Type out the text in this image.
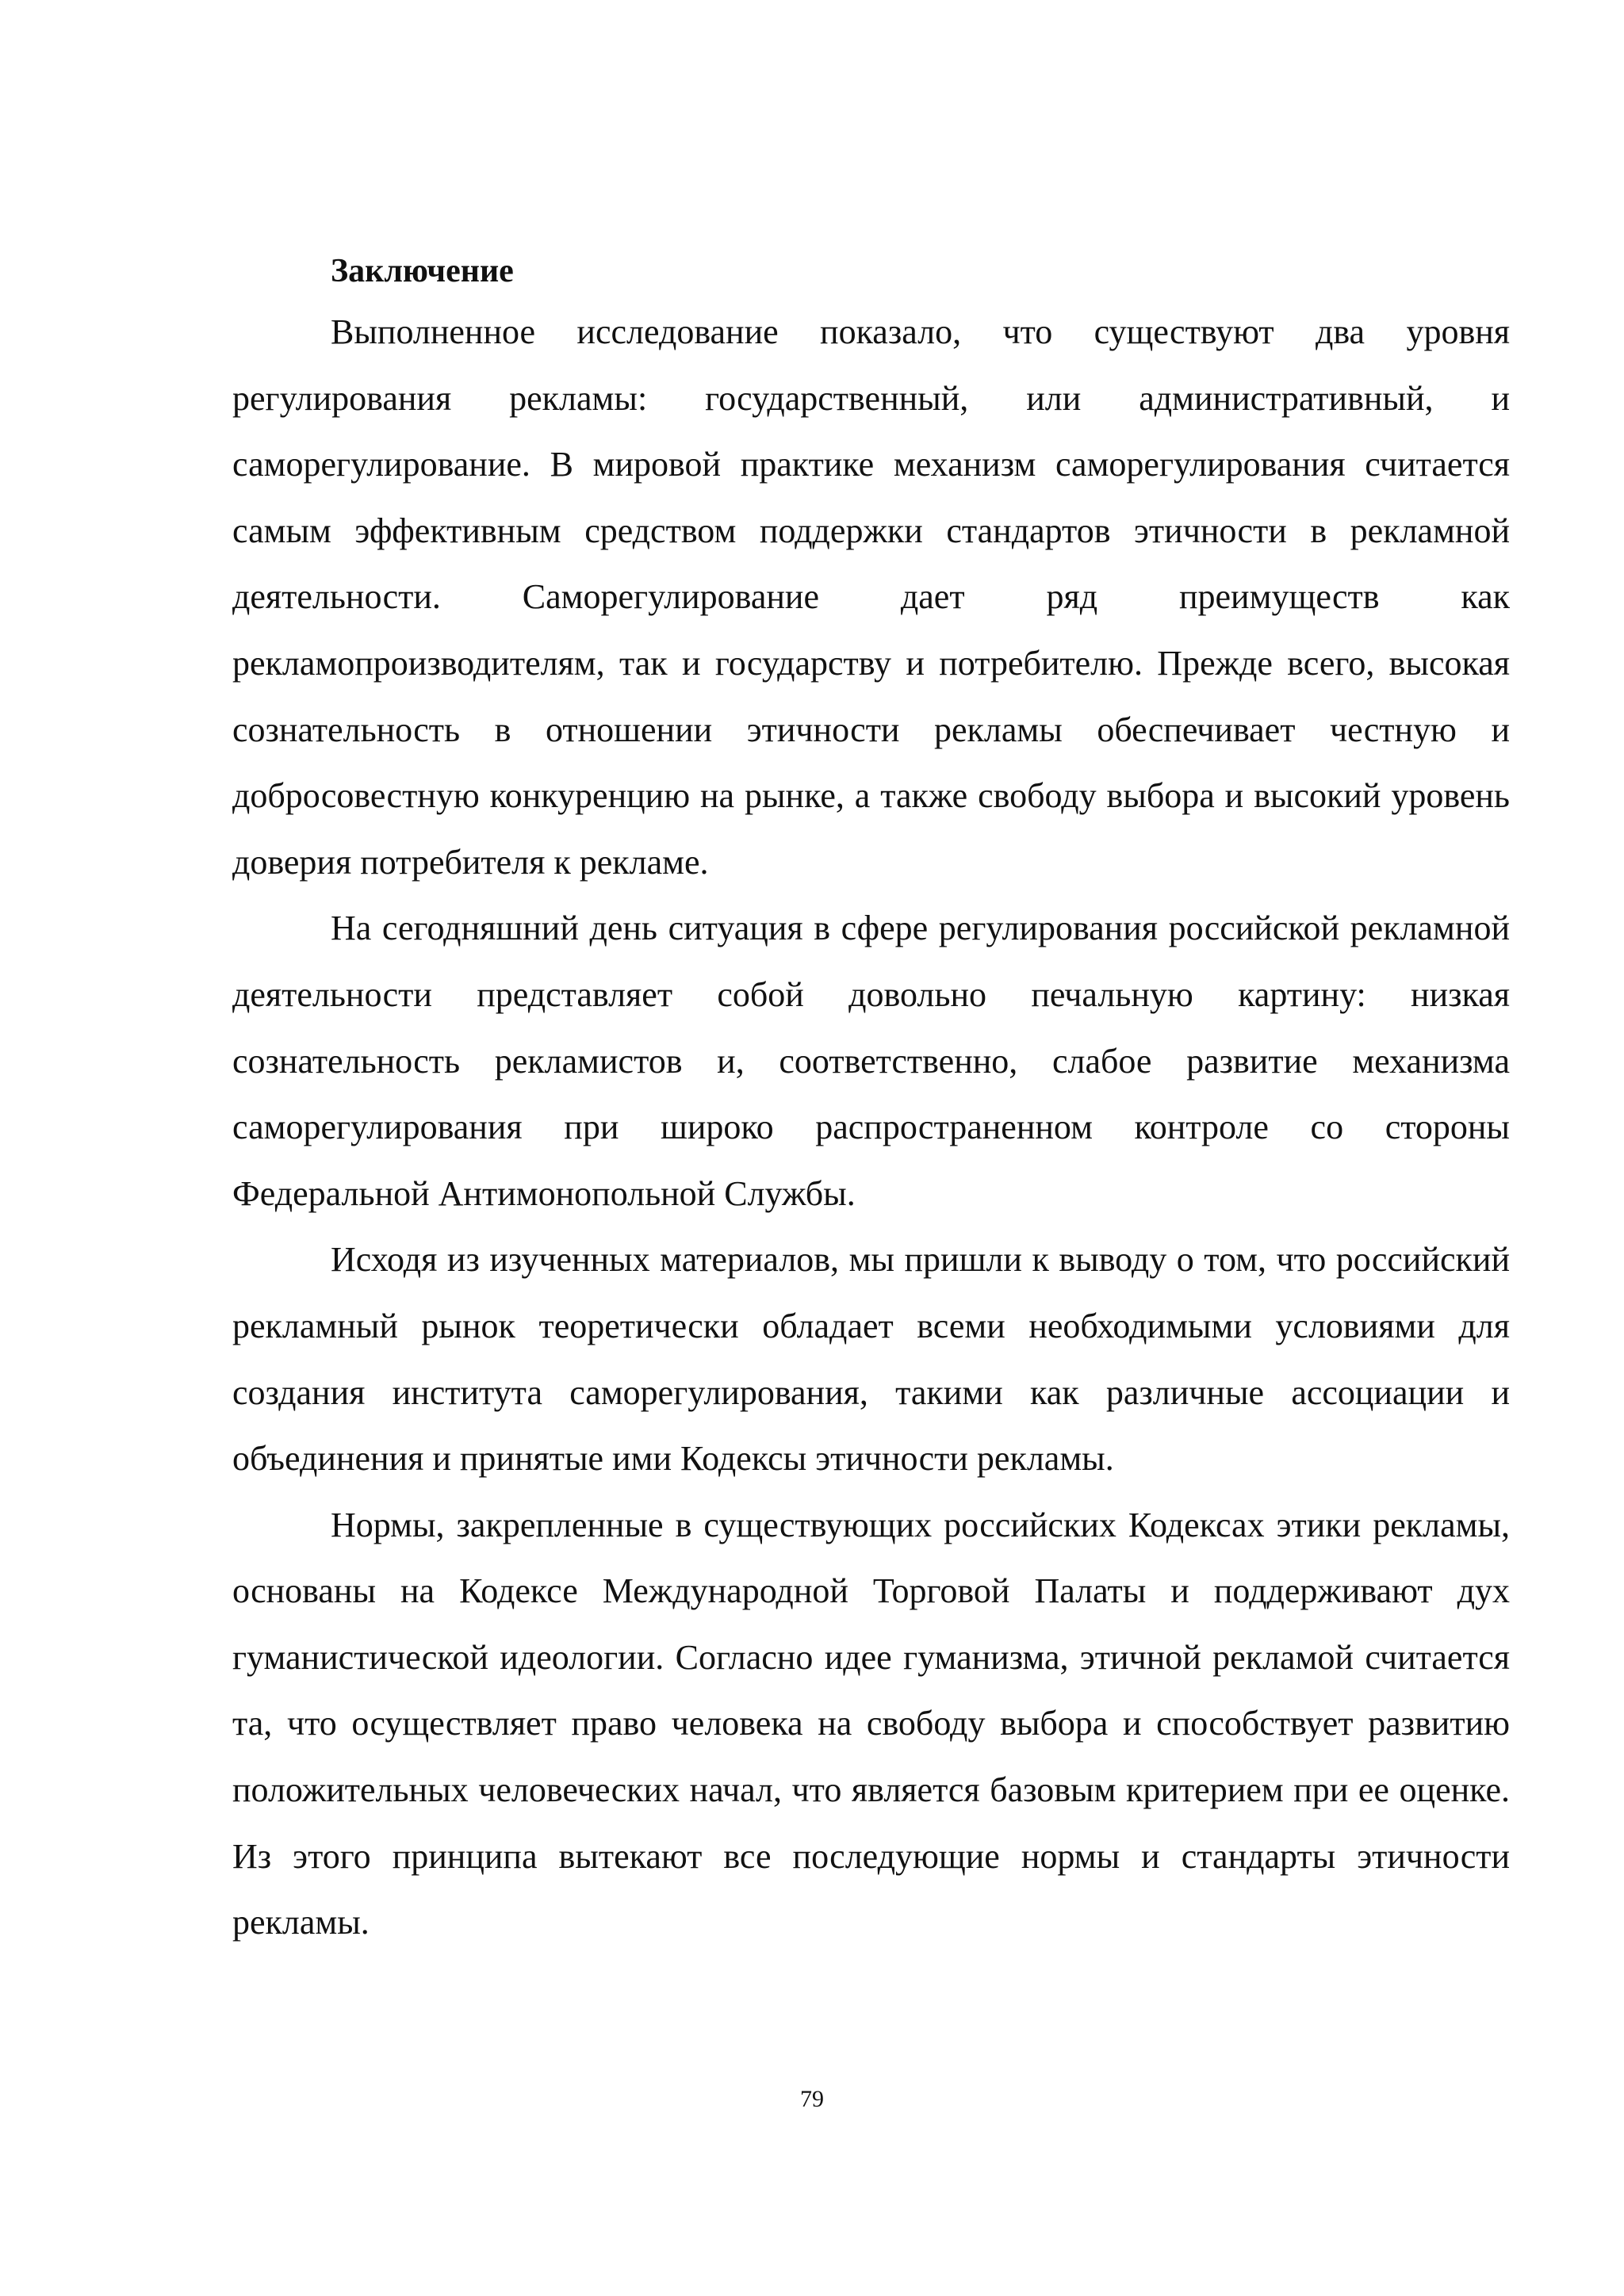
Заключение

Выполненное исследование показало, что существуют два уровня регулирования рекламы: государственный, или административный, и саморегулирование. В мировой практике механизм саморегулирования считается самым эффективным средством поддержки стандартов этичности в рекламной деятельности. Саморегулирование дает ряд преимуществ как рекламопроизводителям, так и государству и потребителю. Прежде всего, высокая сознательность в отношении этичности рекламы обеспечивает честную и добросовестную конкуренцию на рынке, а также свободу выбора и высокий уровень доверия потребителя к рекламе.

На сегодняшний день ситуация в сфере регулирования российской рекламной деятельности представляет собой довольно печальную картину: низкая сознательность рекламистов и, соответственно, слабое развитие механизма саморегулирования при широко распространенном контроле со стороны Федеральной Антимонопольной Службы.

Исходя из изученных материалов, мы пришли к выводу о том, что российский рекламный рынок теоретически обладает всеми необходимыми условиями для создания института саморегулирования, такими как различные ассоциации и объединения и принятые ими Кодексы этичности рекламы.

Нормы, закрепленные в существующих российских Кодексах этики рекламы, основаны на Кодексе Международной Торговой Палаты и поддерживают дух гуманистической идеологии. Согласно идее гуманизма, этичной рекламой считается та, что осуществляет право человека на свободу выбора и способствует развитию положительных человеческих начал, что является базовым критерием при ее оценке. Из этого принципа вытекают все последующие нормы и стандарты этичности рекламы.

79
